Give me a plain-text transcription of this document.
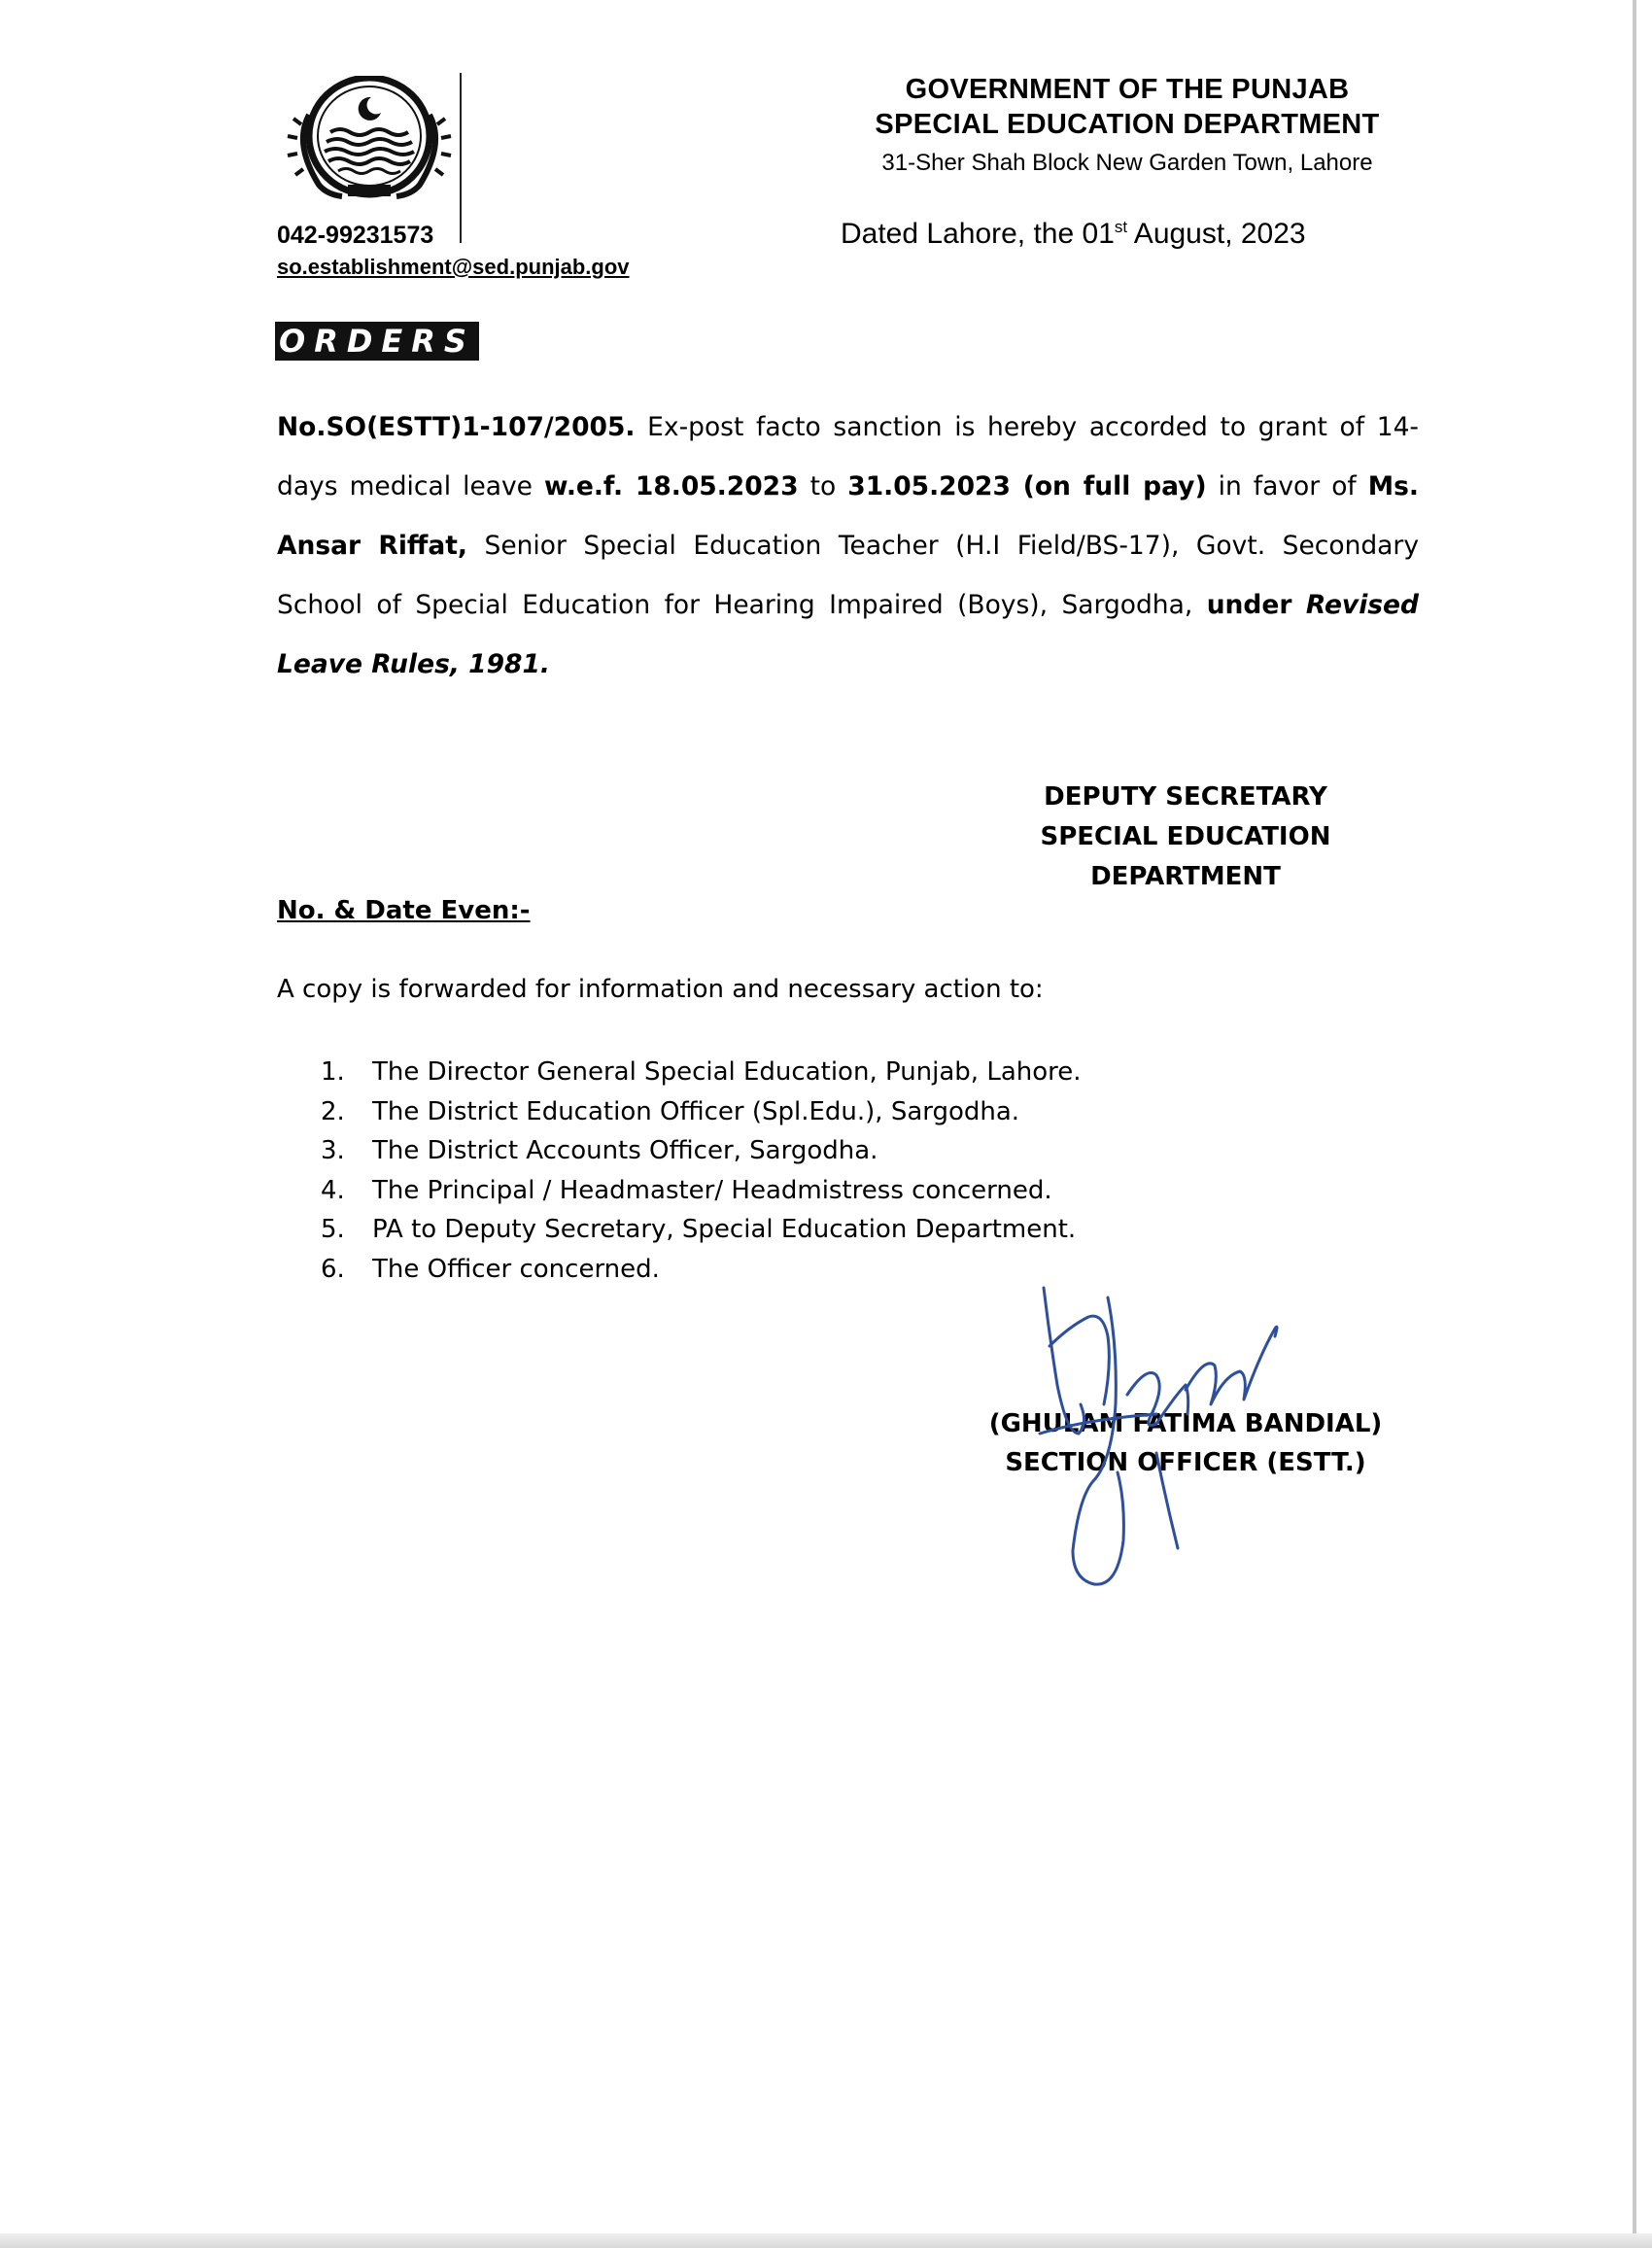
GOVERNMENT OF THE PUNJAB
SPECIAL EDUCATION DEPARTMENT
31-Sher Shah Block New Garden Town, Lahore
042-99231573
so.establishment@sed.punjab.gov
Dated Lahore, the 01st August, 2023
ORDERS
No.SO(ESTT)1-107/2005. Ex-post facto sanction is hereby accorded to grant of 14-days medical leave w.e.f. 18.05.2023 to 31.05.2023 (on full pay) in favor of Ms. Ansar Riffat, Senior Special Education Teacher (H.I Field/BS-17), Govt. Secondary School of Special Education for Hearing Impaired (Boys), Sargodha, under Revised Leave Rules, 1981.
DEPUTY SECRETARY
SPECIAL EDUCATION
DEPARTMENT
No. & Date Even:-
A copy is forwarded for information and necessary action to:
1. The Director General Special Education, Punjab, Lahore.
2. The District Education Officer (Spl.Edu.), Sargodha.
3. The District Accounts Officer, Sargodha.
4. The Principal / Headmaster/ Headmistress concerned.
5. PA to Deputy Secretary, Special Education Department.
6. The Officer concerned.
(GHULAM FATIMA BANDIAL)
SECTION OFFICER (ESTT.)
